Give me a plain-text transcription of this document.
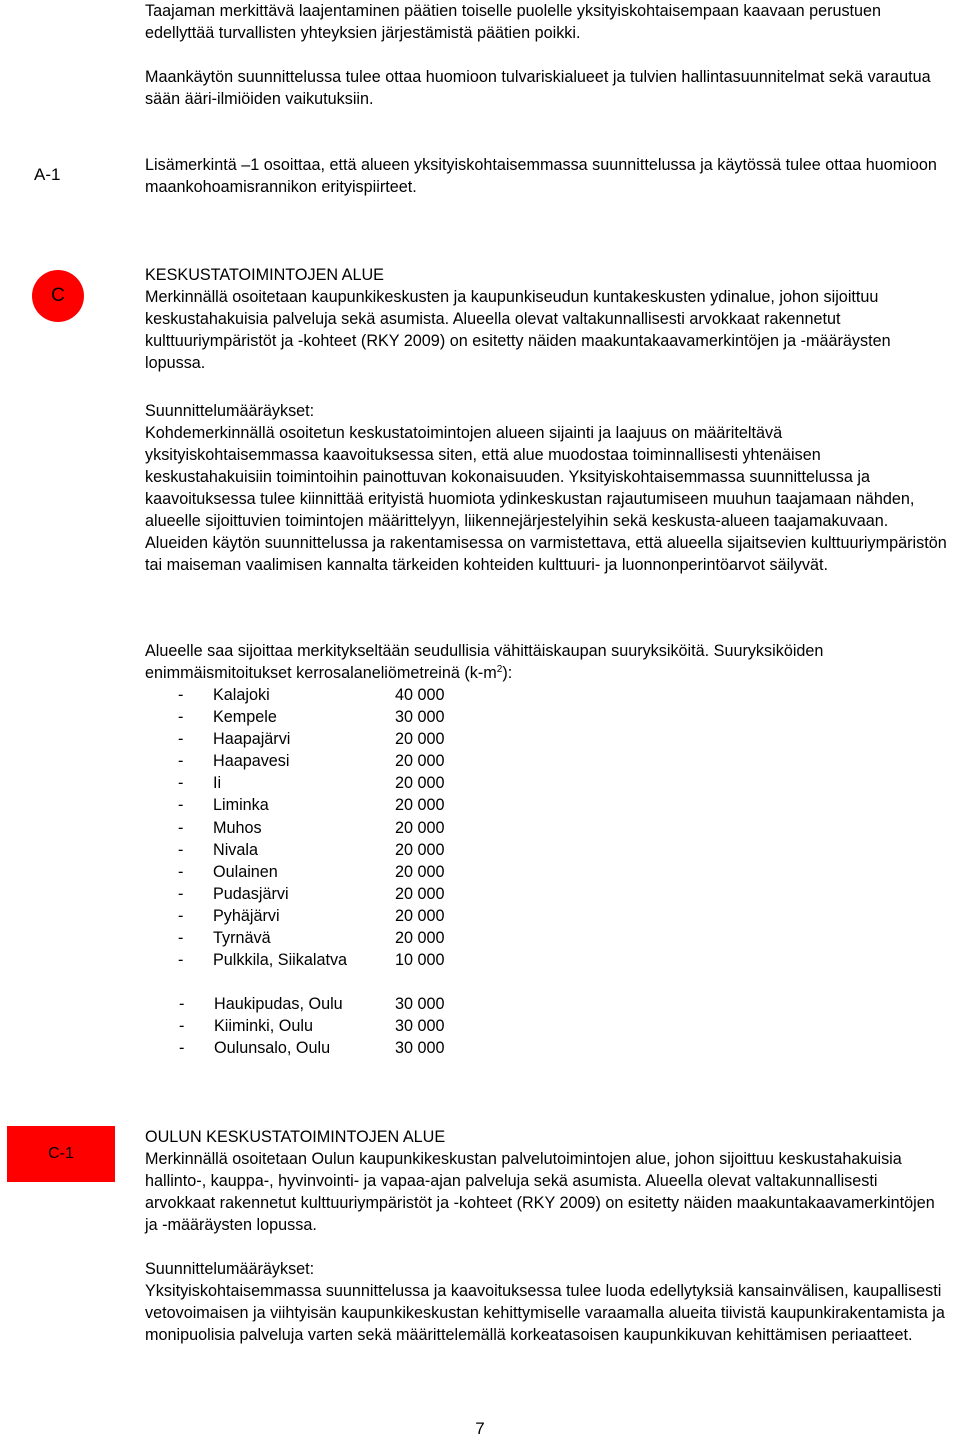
Taajaman merkittävä laajentaminen päätien toiselle puolelle yksityiskohtaisempaan kaavaan perustuen edellyttää turvallisten yhteyksien järjestämistä päätien poikki.

Maankäytön suunnittelussa tulee ottaa huomioon tulvariskialueet ja tulvien hallintasuunnitelmat sekä varautua sään ääri-ilmiöiden vaikutuksiin.

A-1	Lisämerkintä –1 osoittaa, että alueen yksityiskohtaisemmassa suunnittelussa ja käytössä tulee ottaa huomioon maankohoamisrannikon erityispiirteet.

C

KESKUSTATOIMINTOJEN ALUE

Merkinnällä osoitetaan kaupunkikeskusten ja kaupunkiseudun kuntakeskusten ydinalue, johon sijoittuu keskustahakuisia palveluja sekä asumista. Alueella olevat valtakunnallisesti arvokkaat rakennetut kulttuuriympäristöt ja -kohteet (RKY 2009) on esitetty näiden maakuntakaavamerkintöjen ja -määräysten lopussa.

Suunnittelumääräykset:

Kohdemerkinnällä osoitetun keskustatoimintojen alueen sijainti ja laajuus on määriteltävä yksityiskohtaisemmassa kaavoituksessa siten, että alue muodostaa toiminnallisesti yhtenäisen keskustahakuisiin toimintoihin painottuvan kokonaisuuden. Yksityiskohtaisemmassa suunnittelussa ja kaavoituksessa tulee kiinnittää erityistä huomiota ydinkeskustan rajautumiseen muuhun taajamaan nähden, alueelle sijoittuvien toimintojen määrittelyyn, liikennejärjestelyihin sekä keskusta-alueen taajamakuvaan.

Alueiden käytön suunnittelussa ja rakentamisessa on varmistettava, että alueella sijaitsevien kulttuuriympäristön tai maiseman vaalimisen kannalta tärkeiden kohteiden kulttuuri- ja luonnonperintöarvot säilyvät.

Alueelle saa sijoittaa merkitykseltään seudullisia vähittäiskaupan suuryksiköitä. Suuryksiköiden enimmäismitoitukset kerrosalaneliömetreinä $(k-m^2)$:

- Kalajoki	40 000
- Kempele	30 000
- Haapajärvi	20 000
- Haapavesi	20 000
- Ii	20 000
- Liminka	20 000
- Muhos	20 000
- Nivala	20 000
- Oulainen	20 000
- Pudasjärvi	20 000
- Pyhäjärvi	20 000
- Tyrnävä	20 000
- Pulkkila, Siikalatva	10 000
- Haukipudas, Oulu	30 000
- Kiiminki, Oulu	30 000
- Oulunsalo, Oulu	30 000
C-1

OULUN KESKUSTATOIMINTOJEN ALUE

Merkinnällä osoitetaan Oulun kaupunkikeskustan palvelutoimintojen alue, johon sijoittuu keskustahakuisia hallinto-, kauppa-, hyvinvointi- ja vapaa-ajan palveluja sekä asumista. Alueella olevat valtakunnallisesti arvokkaat rakennetut kulttuuriympäristöt ja -kohteet (RKY 2009) on esitetty näiden maakuntakaavamerkintöjen ja -määräysten lopussa.

Suunnittelumääräykset:

Yksityiskohtaisemmassa suunnittelussa ja kaavoituksessa tulee luoda edellytyksiä kansainvälisen, kaupallisesti vetovoimaisen ja viihtyisän kaupunkikeskustan kehittymiselle varaamalla alueita tiivistä kaupunkirakentamista ja monipuolisia palveluja varten sekä määrittelemällä korkeatasoisen kaupunkikuvan kehittämisen periaatteet.

7
